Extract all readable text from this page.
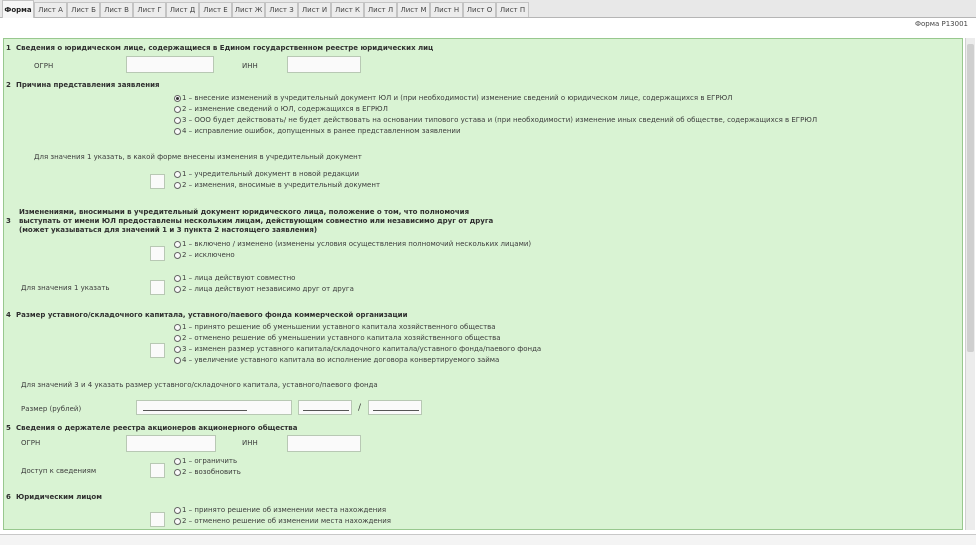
Форма Лист А	Лист Б	Лист В	Лист Г	Лист Д	Лист Е	Лист Ж	Лист З	Лист И	Лист К	Лист Л	Лист М	Лист Н	Лист О	Лист П
Форма Р13001
1 Сведения о юридическом лице, содержащиеся в Едином государственном реестре юридических лиц
ОГРН	ИНН
2 Причина представления заявления
1 – внесение изменений в учредительный документ ЮЛ и (при необходимости) изменение сведений о юридическом лице, содержащихся в ЕГРЮЛ
2 – изменение сведений о ЮЛ, содержащихся в ЕГРЮЛ
3 – ООО будет действовать/ не будет действовать на основании типового устава и (при необходимости) изменение иных сведений об обществе, содержащихся в ЕГРЮЛ
4 – исправление ошибок, допущенных в ранее представленном заявлении
Для значения 1 указать, в какой форме внесены изменения в учредительный документ
1 – учредительный документ в новой редакции
2 – изменения, вносимые в учредительный документ
Изменениями, вносимыми в учредительный документ юридического лица, положение о том, что полномочия
3 выступать от имени ЮЛ предоставлены нескольким лицам, действующим совместно или независимо друг от друга
(может указываться для значений 1 и 3 пункта 2 настоящего заявления)
1 – включено / изменено (изменены условия осуществления полномочий нескольких лицами)
2 – исключено
Для значения 1 указать
1 – лица действуют совместно
2 – лица действуют независимо друг от друга
4 Размер уставного/складочного капитала, уставного/паевого фонда коммерческой организации
1 – принято решение об уменьшении уставного капитала хозяйственного общества
2 – отменено решение об уменьшении уставного капитала хозяйственного общества
3 – изменен размер уставного капитала/складочного капитала/уставного фонда/паевого фонда
4 – увеличение уставного капитала во исполнение договора конвертируемого займа
Для значений 3 и 4 указать размер уставного/складочного капитала, уставного/паевого фонда
Размер (рублей)	/
5 Сведения о держателе реестра акционеров акционерного общества
ОГРН	ИНН
Доступ к сведениям
1 – ограничить
2 – возобновить
6 Юридическим лицом
1 – принято решение об изменении места нахождения
2 – отменено решение об изменении места нахождения
